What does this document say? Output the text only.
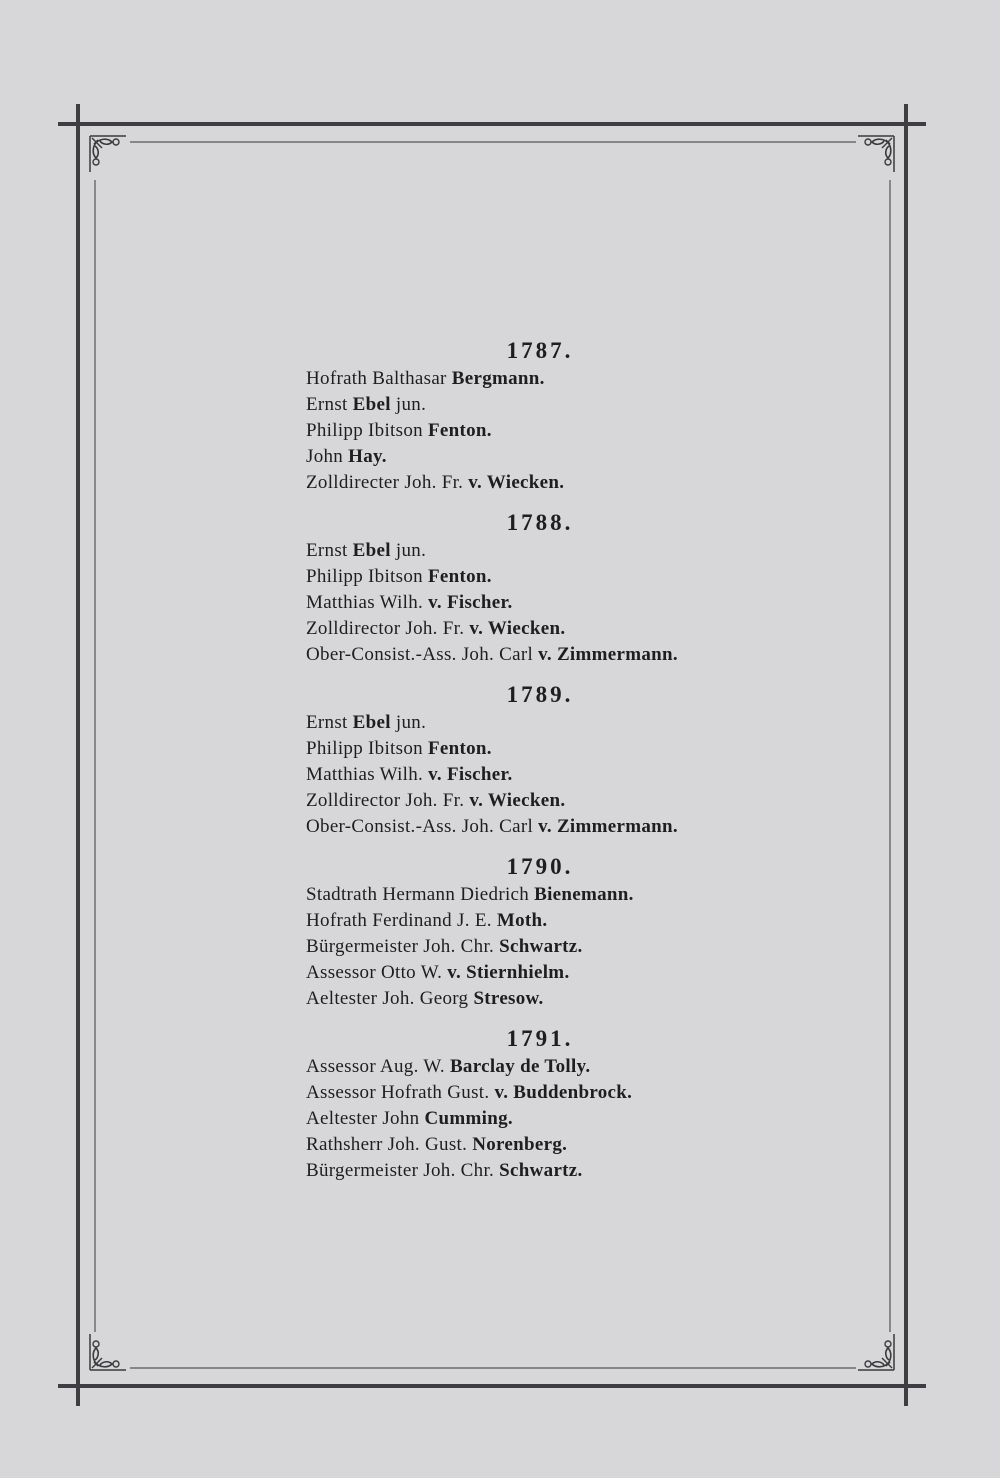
1787.
Hofrath Balthasar Bergmann.
Ernst Ebel jun.
Philipp Ibitson Fenton.
John Hay.
Zolldirecter Joh. Fr. v. Wiecken.
1788.
Ernst Ebel jun.
Philipp Ibitson Fenton.
Matthias Wilh. v. Fischer.
Zolldirector Joh. Fr. v. Wiecken.
Ober-Consist.-Ass. Joh. Carl v. Zimmermann.
1789.
Ernst Ebel jun.
Philipp Ibitson Fenton.
Matthias Wilh. v. Fischer.
Zolldirector Joh. Fr. v. Wiecken.
Ober-Consist.-Ass. Joh. Carl v. Zimmermann.
1790.
Stadtrath Hermann Diedrich Bienemann.
Hofrath Ferdinand J. E. Moth.
Bürgermeister Joh. Chr. Schwartz.
Assessor Otto W. v. Stiernhielm.
Aeltester Joh. Georg Stresow.
1791.
Assessor Aug. W. Barclay de Tolly.
Assessor Hofrath Gust. v. Buddenbrock.
Aeltester John Cumming.
Rathsherr Joh. Gust. Norenberg.
Bürgermeister Joh. Chr. Schwartz.
